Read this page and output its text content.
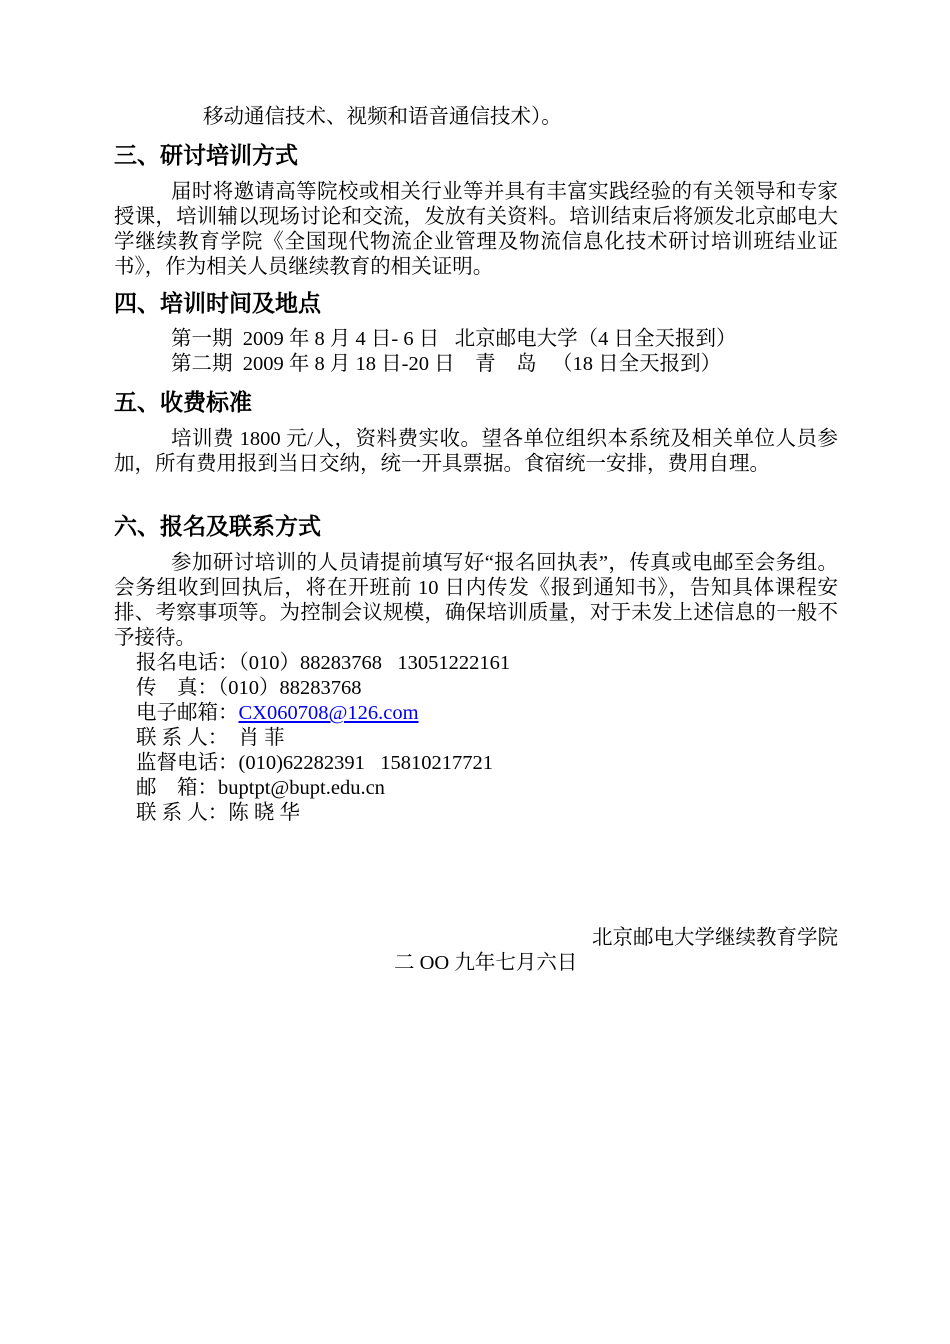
移动通信技术、视频和语音通信技术）。

三、研讨培训方式

届时将邀请高等院校或相关行业等并具有丰富实践经验的有关领导和专家授课，培训辅以现场讨论和交流，发放有关资料。培训结束后将颁发北京邮电大学继续教育学院《全国现代物流企业管理及物流信息化技术研讨培训班结业证书》，作为相关人员继续教育的相关证明。

四、培训时间及地点

第一期  2009 年 8 月 4 日- 6 日   北京邮电大学（4 日全天报到）

第二期  2009 年 8 月 18 日-20 日    青    岛   （18 日全天报到）

五、收费标准

培训费 1800 元/人，资料费实收。望各单位组织本系统及相关单位人员参加，所有费用报到当日交纳，统一开具票据。食宿统一安排，费用自理。

六、报名及联系方式

参加研讨培训的人员请提前填写好“报名回执表”，传真或电邮至会务组。会务组收到回执后，将在开班前 10 日内传发《报到通知书》，告知具体课程安排、考察事项等。为控制会议规模，确保培训质量，对于未发上述信息的一般不予接待。

报名电话：（010）88283768   13051222161

传    真：（010）88283768

电子邮箱：CX060708@126.com

联 系 人：  肖 菲

监督电话：(010)62282391   15810217721

邮    箱：buptpt@bupt.edu.cn

联 系 人：陈 晓 华

北京邮电大学继续教育学院

二 OO 九年七月六日
